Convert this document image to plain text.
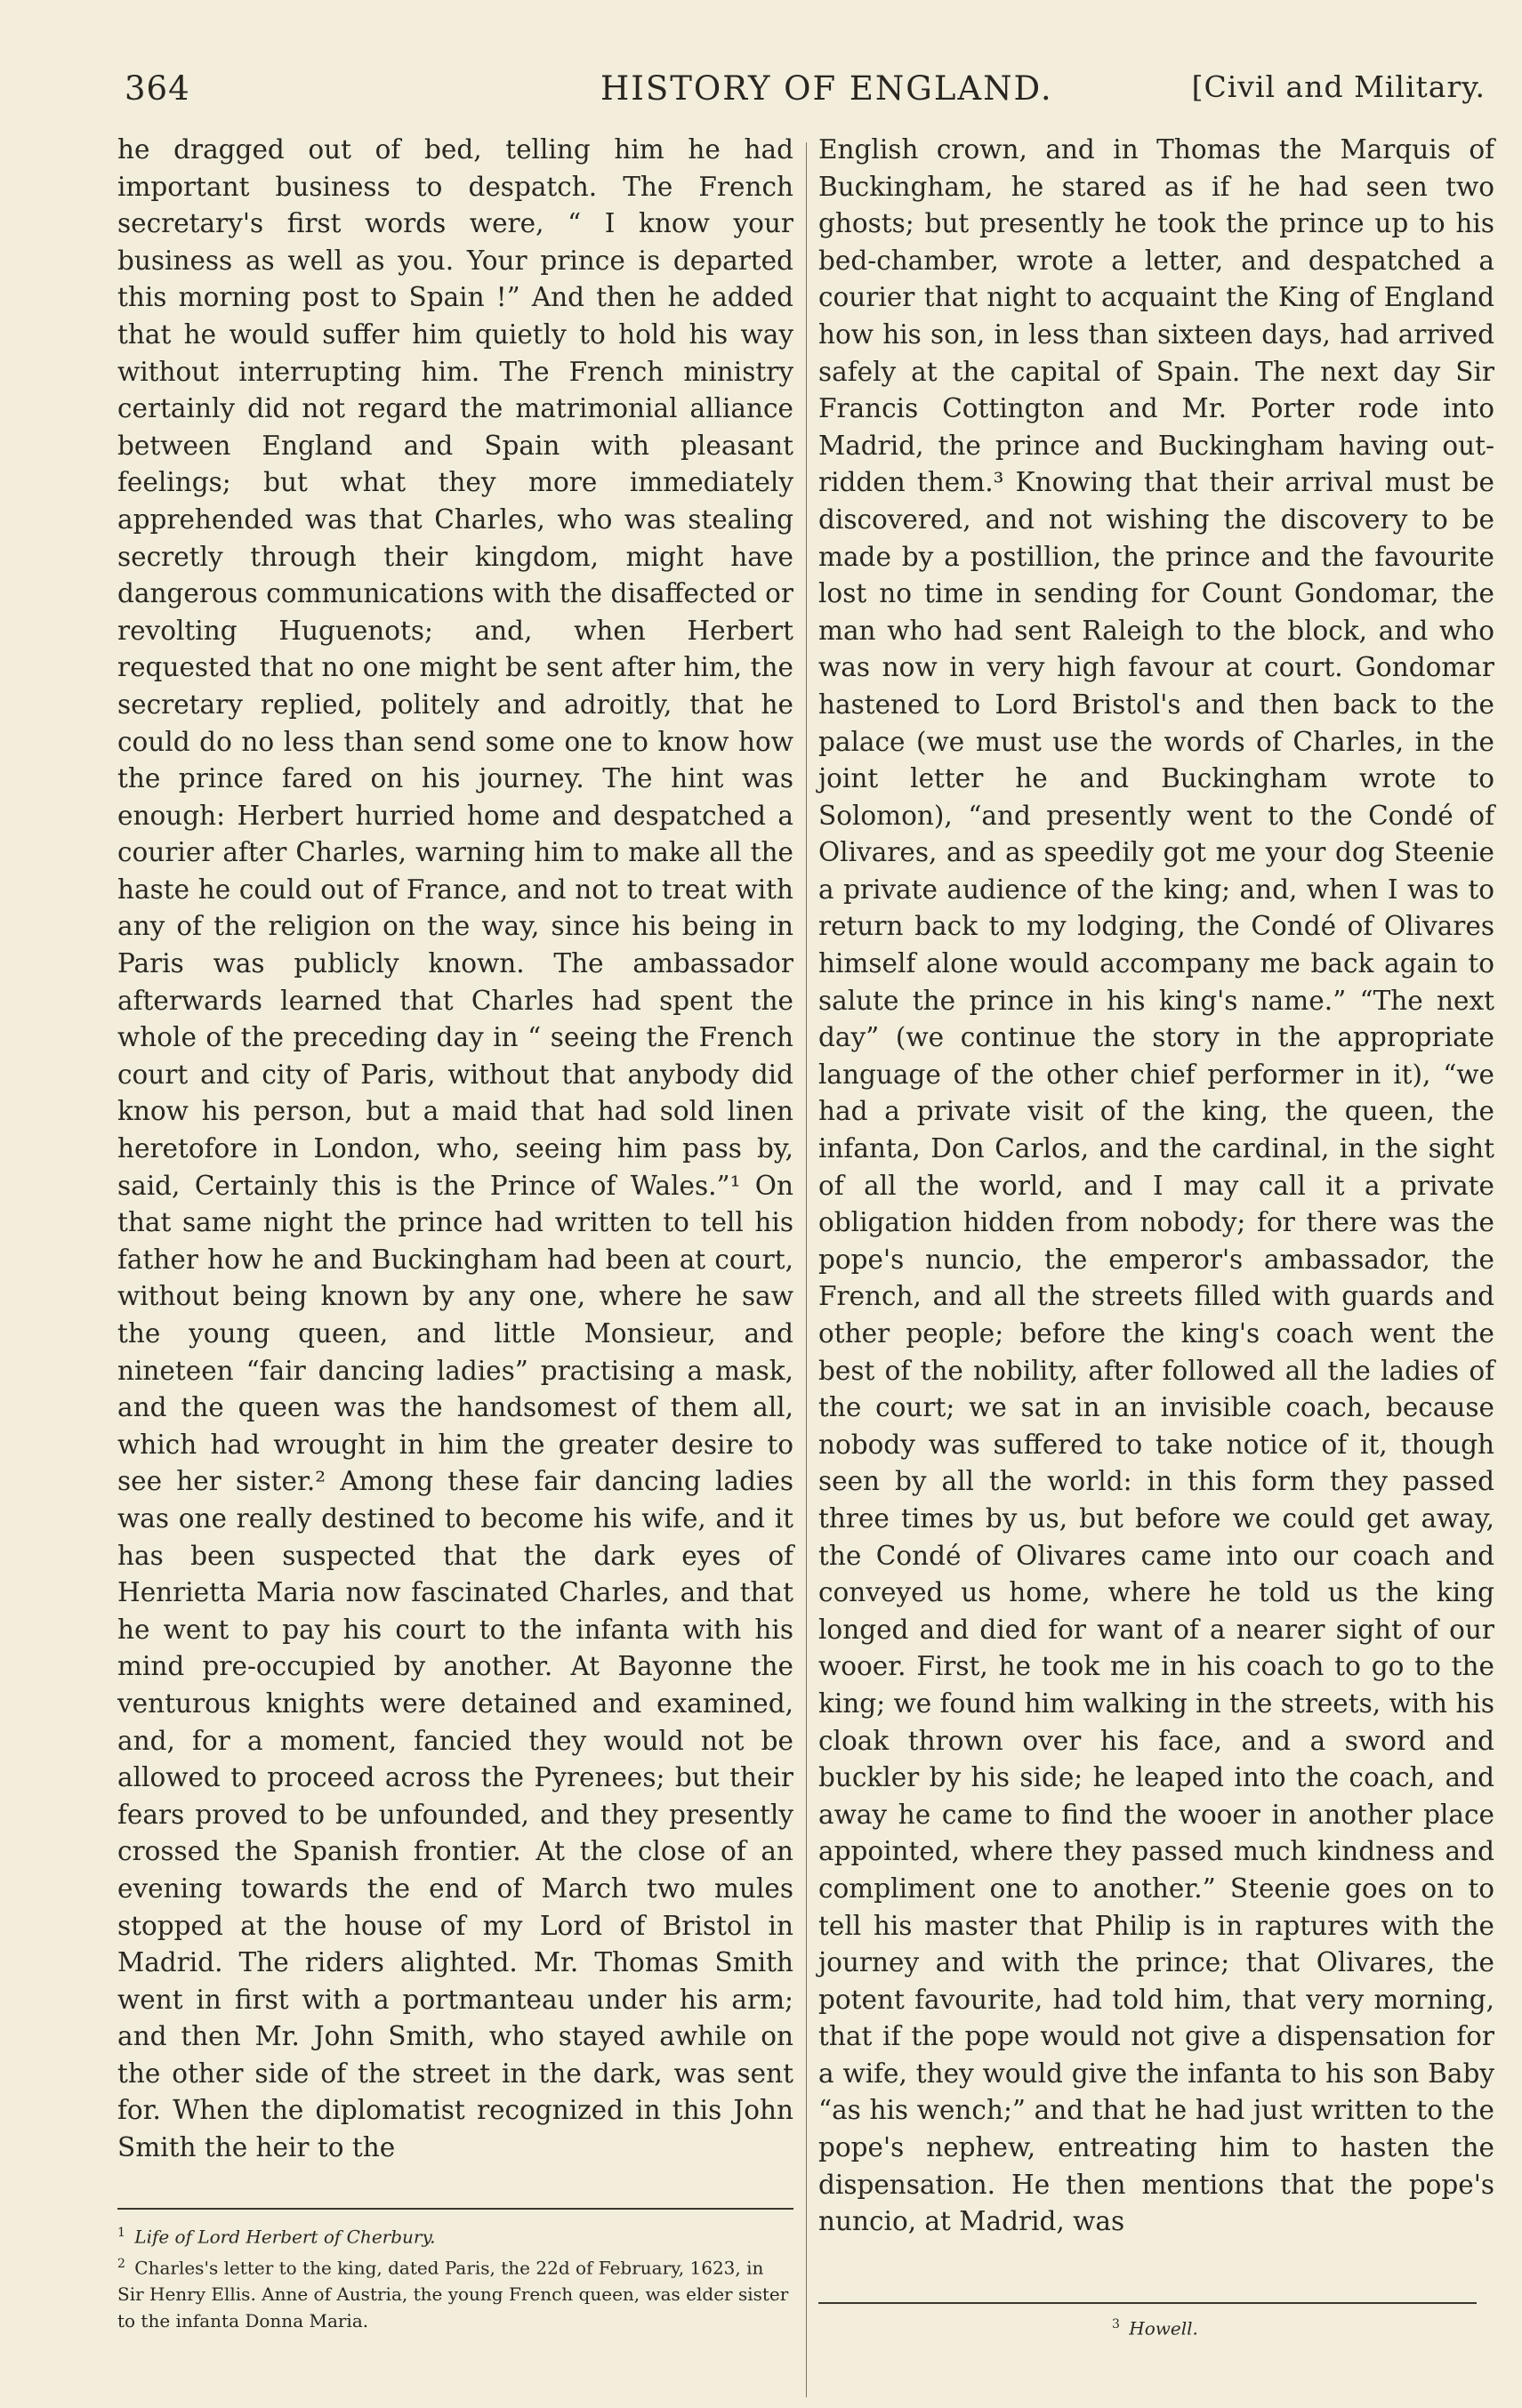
364	HISTORY OF ENGLAND.	[Civil and Military.

he dragged out of bed, telling him he had important business to despatch. The French secretary's first words were, “ I know your business as well as you. Your prince is departed this morning post to Spain !” And then he added that he would suffer him quietly to hold his way without interrupting him. The French ministry certainly did not regard the matrimonial alliance between England and Spain with pleasant feelings; but what they more immediately apprehended was that Charles, who was stealing secretly through their kingdom, might have dangerous communications with the disaffected or revolting Huguenots; and, when Herbert requested that no one might be sent after him, the secretary replied, politely and adroitly, that he could do no less than send some one to know how the prince fared on his journey. The hint was enough: Herbert hurried home and despatched a courier after Charles, warning him to make all the haste he could out of France, and not to treat with any of the religion on the way, since his being in Paris was publicly known. The ambassador afterwards learned that Charles had spent the whole of the preceding day in “ seeing the French court and city of Paris, without that anybody did know his person, but a maid that had sold linen heretofore in London, who, seeing him pass by, said, Certainly this is the Prince of Wales.”¹ On that same night the prince had written to tell his father how he and Buckingham had been at court, without being known by any one, where he saw the young queen, and little Monsieur, and nineteen “fair dancing ladies” practising a mask, and the queen was the handsomest of them all, which had wrought in him the greater desire to see her sister.² Among these fair dancing ladies was one really destined to become his wife, and it has been suspected that the dark eyes of Henrietta Maria now fascinated Charles, and that he went to pay his court to the infanta with his mind pre-occupied by another. At Bayonne the venturous knights were detained and examined, and, for a moment, fancied they would not be allowed to proceed across the Pyrenees; but their fears proved to be unfounded, and they presently crossed the Spanish frontier. At the close of an evening towards the end of March two mules stopped at the house of my Lord of Bristol in Madrid. The riders alighted. Mr. Thomas Smith went in first with a portmanteau under his arm; and then Mr. John Smith, who stayed awhile on the other side of the street in the dark, was sent for. When the diplomatist recognized in this John Smith the heir to the

English crown, and in Thomas the Marquis of Buckingham, he stared as if he had seen two ghosts; but presently he took the prince up to his bed-chamber, wrote a letter, and despatched a courier that night to acquaint the King of England how his son, in less than sixteen days, had arrived safely at the capital of Spain. The next day Sir Francis Cottington and Mr. Porter rode into Madrid, the prince and Buckingham having out-ridden them.³ Knowing that their arrival must be discovered, and not wishing the discovery to be made by a postillion, the prince and the favourite lost no time in sending for Count Gondomar, the man who had sent Raleigh to the block, and who was now in very high favour at court. Gondomar hastened to Lord Bristol's and then back to the palace (we must use the words of Charles, in the joint letter he and Buckingham wrote to Solomon), “and presently went to the Condé of Olivares, and as speedily got me your dog Steenie a private audience of the king; and, when I was to return back to my lodging, the Condé of Olivares himself alone would accompany me back again to salute the prince in his king's name.” “The next day” (we continue the story in the appropriate language of the other chief performer in it), “we had a private visit of the king, the queen, the infanta, Don Carlos, and the cardinal, in the sight of all the world, and I may call it a private obligation hidden from nobody; for there was the pope's nuncio, the emperor's ambassador, the French, and all the streets filled with guards and other people; before the king's coach went the best of the nobility, after followed all the ladies of the court; we sat in an invisible coach, because nobody was suffered to take notice of it, though seen by all the world: in this form they passed three times by us, but before we could get away, the Condé of Olivares came into our coach and conveyed us home, where he told us the king longed and died for want of a nearer sight of our wooer. First, he took me in his coach to go to the king; we found him walking in the streets, with his cloak thrown over his face, and a sword and buckler by his side; he leaped into the coach, and away he came to find the wooer in another place appointed, where they passed much kindness and compliment one to another.” Steenie goes on to tell his master that Philip is in raptures with the journey and with the prince; that Olivares, the potent favourite, had told him, that very morning, that if the pope would not give a dispensation for a wife, they would give the infanta to his son Baby “as his wench;” and that he had just written to the pope's nephew, entreating him to hasten the dispensation. He then mentions that the pope's nuncio, at Madrid, was

$^1$ Life of Lord Herbert of Cherbury.

$^2$ Charles's letter to the king, dated Paris, the 22d of February, 1623, in Sir Henry Ellis. Anne of Austria, the young French queen, was elder sister to the infanta Donna Maria.	$^3$ Howell.
